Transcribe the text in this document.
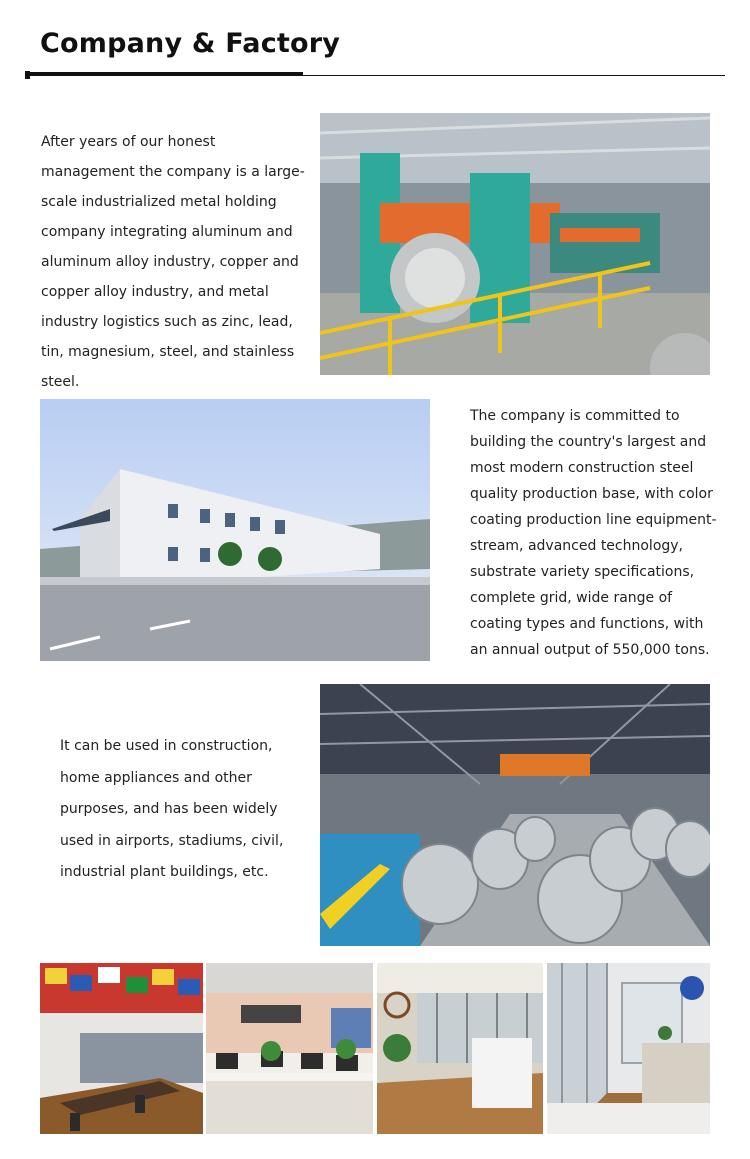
Company & Factory

After years of our honest management the company is a large-scale industrialized metal holding company integrating aluminum and aluminum alloy industry, copper and copper alloy industry, and metal industry logistics such as zinc, lead, tin, magnesium, steel, and stainless steel.

The company is committed to building the country's largest and most modern construction steel quality production base, with color coating production line equipment-stream, advanced technology, substrate variety specifications, complete grid, wide range of coating types and functions, with an annual output of 550,000 tons.

It can be used in construction, home appliances and other purposes, and has been widely used in airports, stadiums, civil, industrial plant buildings, etc.
